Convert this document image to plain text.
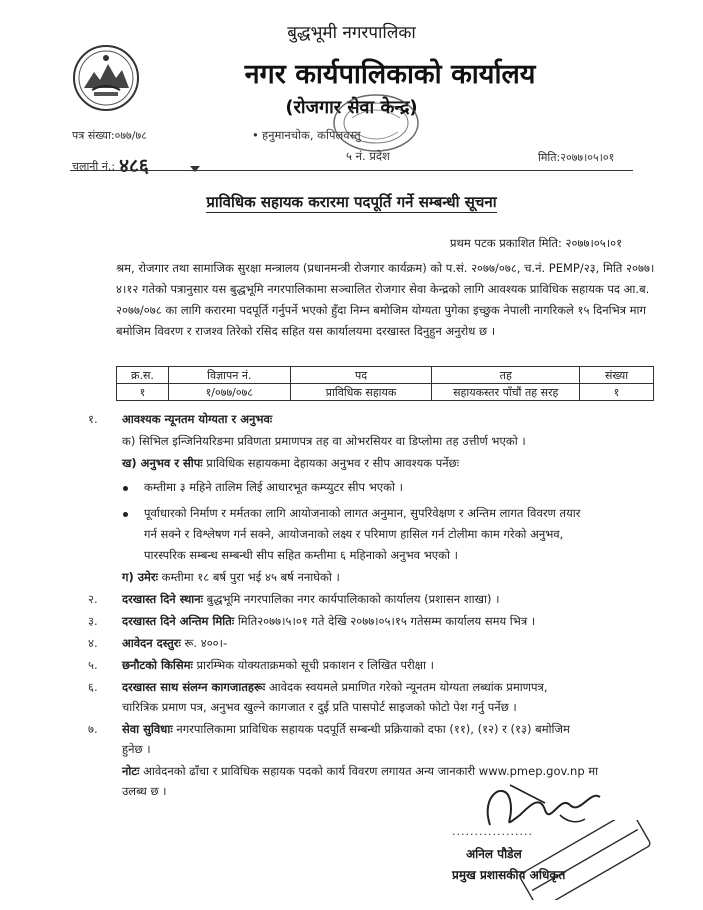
बुद्धभूमी नगरपालिका
नगर कार्यपालिकाको कार्यालय
(रोजगार सेवा केन्द्र)
• हनुमानचोक, कपिलवस्तु
५ नं. प्रदेश
पत्र संख्या:०७७/७८
चलानी नं.: ४८६	मिति:२०७७।०५।०१
प्राविधिक सहायक करारमा पदपूर्ति गर्ने सम्बन्धी सूचना
प्रथम पटक प्रकाशित मिति: २०७७।०५।०१
श्रम, रोजगार तथा सामाजिक सुरक्षा मन्त्रालय (प्रधानमन्त्री रोजगार कार्यक्रम) को प.सं. २०७७/०७८, च.नं. PEMP/२३, मिति २०७७।४।१२ गतेको पत्रानुसार यस बुद्धभूमि नगरपालिकामा सञ्चालित रोजगार सेवा केन्द्रको लागि आवश्यक प्राविधिक सहायक पद आ.ब. २०७७/०७८ का लागि करारमा पदपूर्ति गर्नुपर्ने भएको हुँदा निम्न बमोजिम योग्यता पुगेका इच्छुक नेपाली नागरिकले १५ दिनभित्र माग बमोजिम विवरण र राजश्व तिरेको रसिद सहित यस कार्यालयमा दरखास्त दिनुहुन अनुरोध छ ।
क्र.स.	विज्ञापन नं.	पद	तह	संख्या
१	१/०७७/०७८	प्राविधिक सहायक	सहायकस्तर पाँचौं तह सरह	१
१. आवश्यक न्यूनतम योग्यता र अनुभवः
क) सिभिल इन्जिनियरिङमा प्रविणता प्रमाणपत्र तह वा ओभरसियर वा डिप्लोमा तह उत्तीर्ण भएको ।
ख) अनुभव र सीपः प्राविधिक सहायकमा देहायका अनुभव र सीप आवश्यक पर्नेछः
कम्तीमा ३ महिने तालिम लिई आधारभूत कम्प्युटर सीप भएको ।
पूर्वाधारको निर्माण र मर्मतका लागि आयोजनाको लागत अनुमान, सुपरिवेक्षण र अन्तिम लागत विवरण तयार
गर्न सक्ने र विश्लेषण गर्न सक्ने, आयोजनाको लक्ष्य र परिमाण हासिल गर्न टोलीमा काम गरेको अनुभव,
पारस्परिक सम्बन्ध सम्बन्धी सीप सहित कम्तीमा ६ महिनाको अनुभव भएको ।
ग) उमेरः कम्तीमा १८ बर्ष पुरा भई ४५ बर्ष ननाघेको ।
२. दरखास्त दिने स्थानः बुद्धभूमि नगरपालिका नगर कार्यपालिकाको कार्यालय (प्रशासन शाखा) ।
३. दरखास्त दिने अन्तिम मितिः मिति२०७७।५।०१ गते देखि २०७७।०५।१५ गतेसम्म कार्यालय समय भित्र ।
४. आवेदन दस्तुरः रू. ४००।-
५. छनौटको किसिमः प्रारम्भिक योक्यताक्रमको सूची प्रकाशन र लिखित परीक्षा ।
६. दरखास्त साथ संलग्न कागजातहरूः आवेदक स्वयमले प्रमाणित गरेको न्यूनतम योग्यता लब्धांक प्रमाणपत्र,
चारित्रिक प्रमाण पत्र, अनुभव खुल्ने कागजात र दुई प्रति पासपोर्ट साइजको फोटो पेश गर्नु पर्नेछ ।
७. सेवा सुविधाः नगरपालिकामा प्राविधिक सहायक पदपूर्ति सम्बन्धी प्रक्रियाको दफा (११), (१२) र (१३) बमोजिम
हुनेछ ।
नोटः आवेदनको ढाँचा र प्राविधिक सहायक पदको कार्य विवरण लगायत अन्य जानकारी www.pmep.gov.np मा
उलब्ध छ ।
..................
अनिल पौडेल
प्रमुख प्रशासकीय अधिकृत
